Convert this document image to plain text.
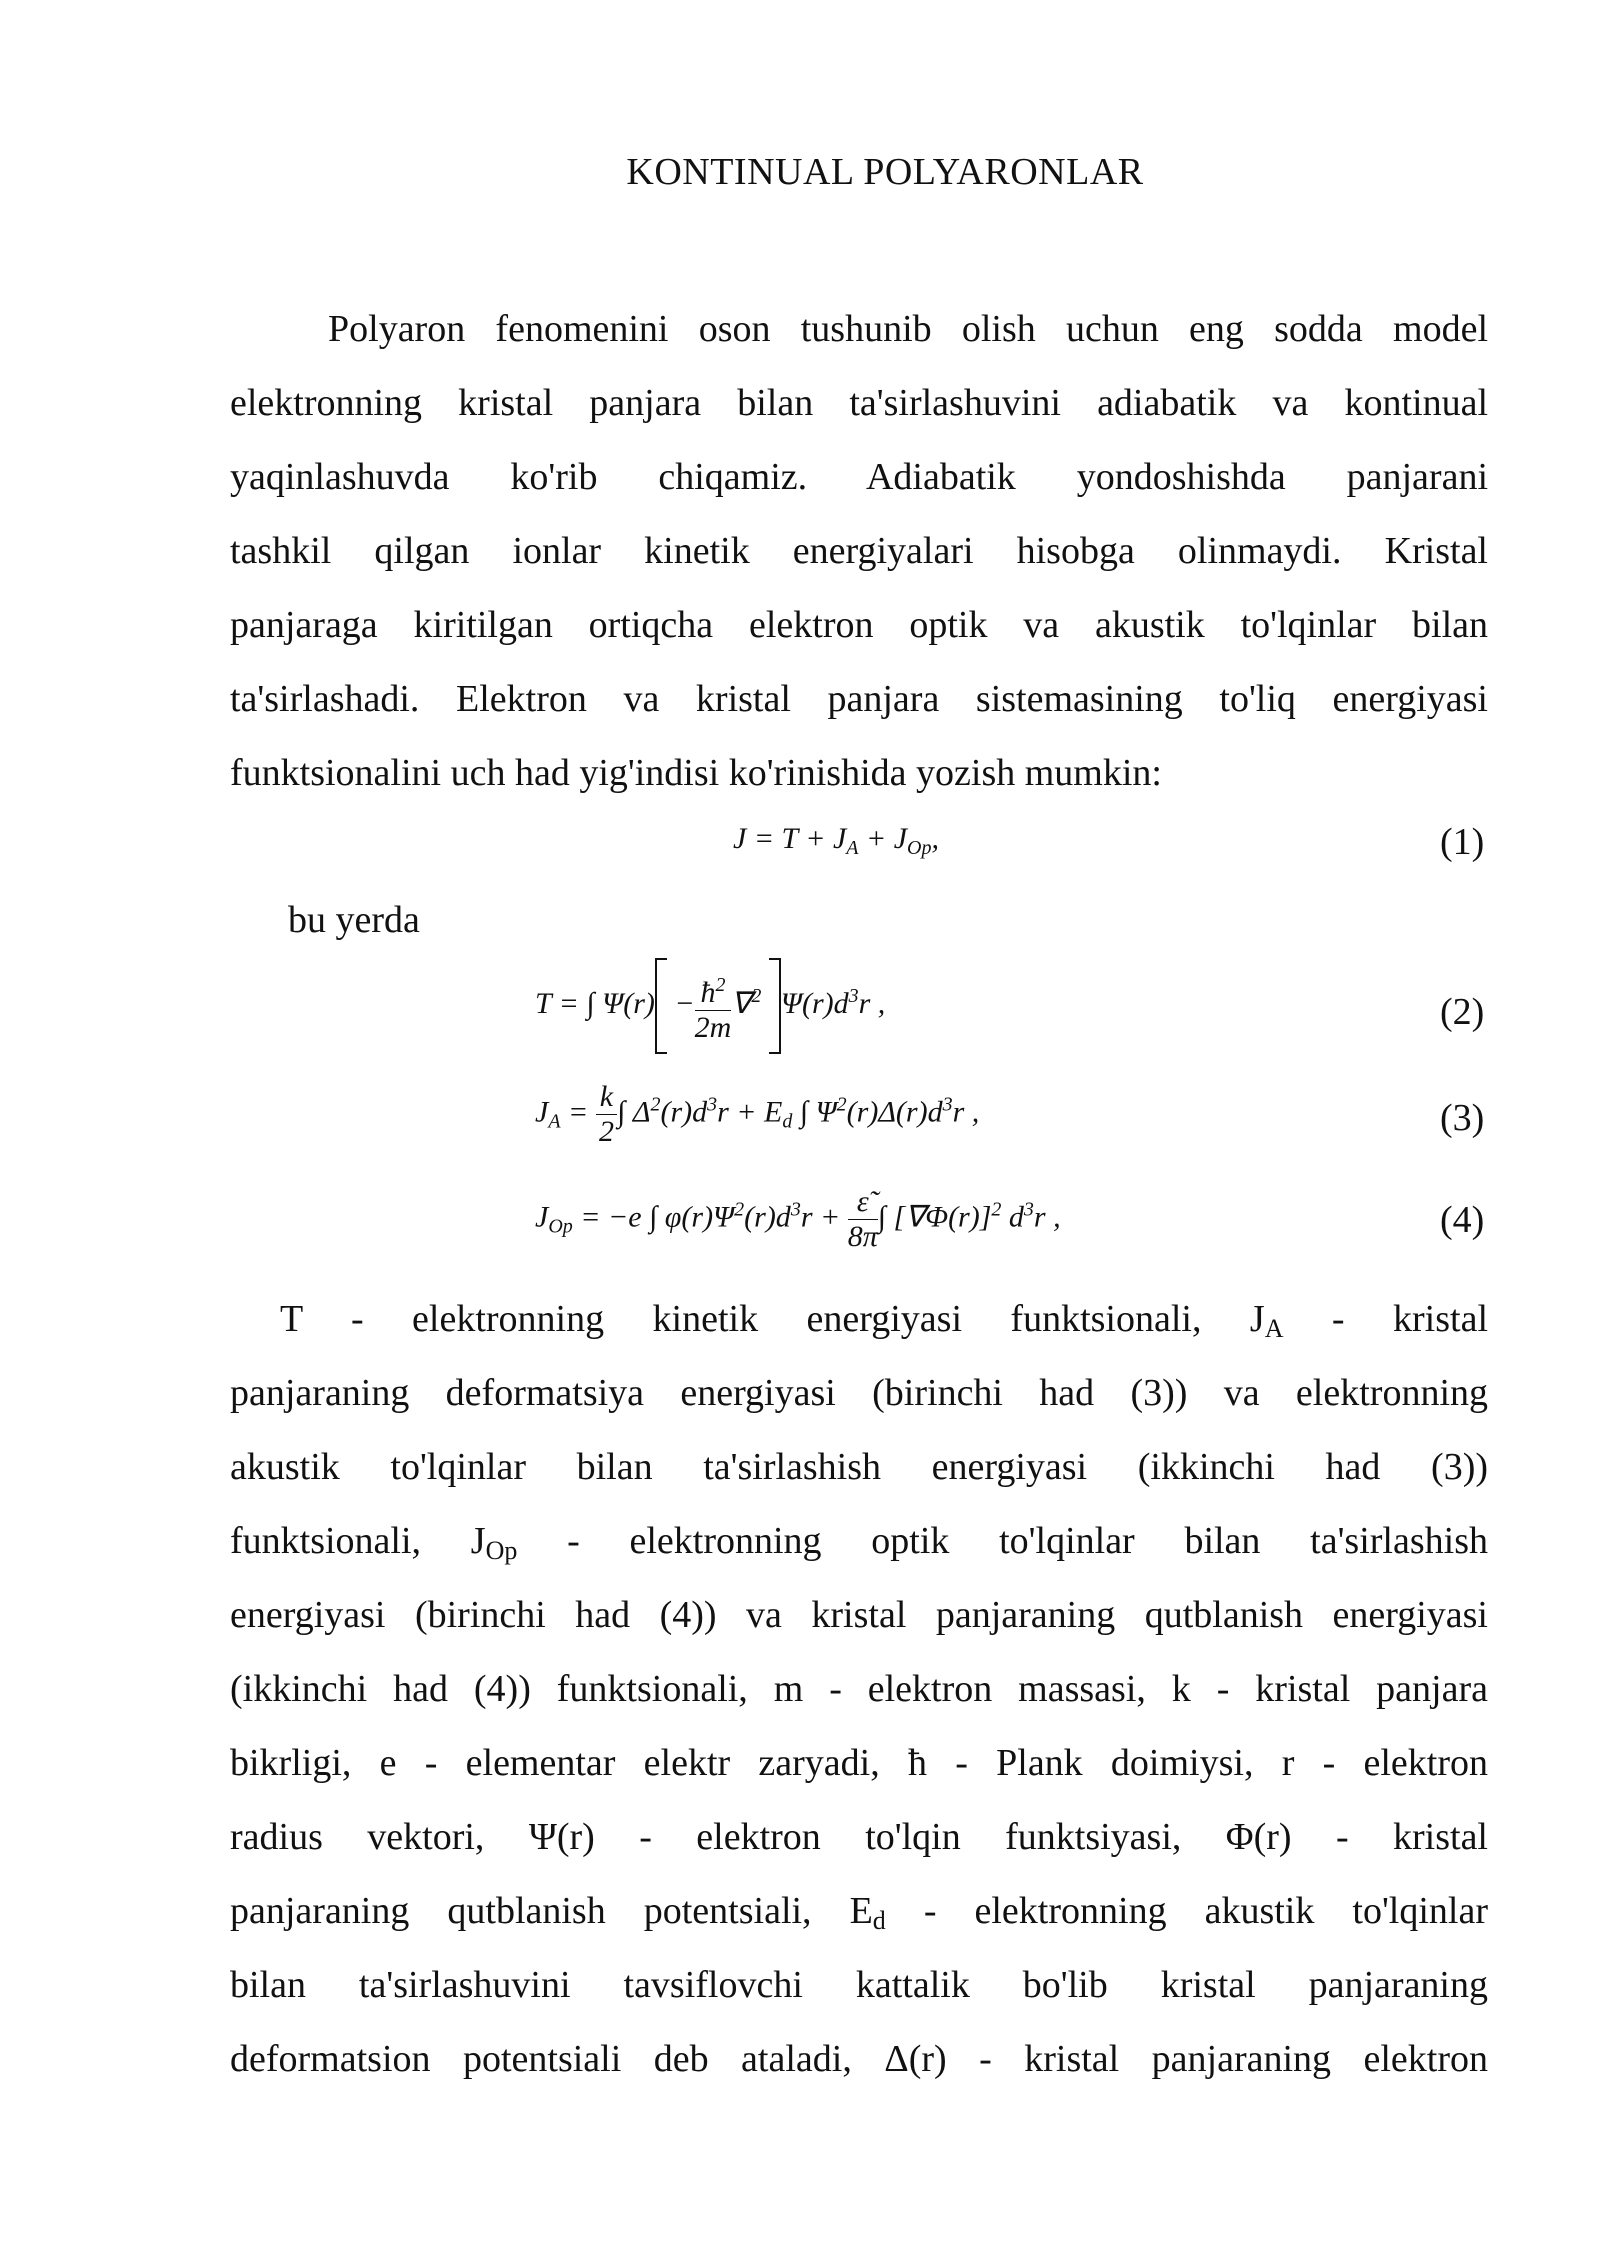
KONTINUAL POLYARONLAR
Polyaron fenomenini oson tushunib olish uchun eng sodda model
elektronning kristal panjara bilan ta'sirlashuvini adiabatik va kontinual
yaqinlashuvda ko'rib chiqamiz. Adiabatik yondoshishda panjarani
tashkil qilgan ionlar kinetik energiyalari hisobga olinmaydi. Kristal
panjaraga kiritilgan ortiqcha elektron optik va akustik to'lqinlar bilan
ta'sirlashadi. Elektron va kristal panjara sistemasining to'liq energiyasi
funktsionalini uch had yig'indisi ko'rinishida yozish mumkin:
$J = T + J_A + J_{Op}$,	(1)
bu yerda
T = ∫ $\Psi(r) - \frac{ħ^2}{2m} \nabla^2$ $\Psi(r)d^3r$ ,	(2)
$J_A = \frac{k}{2}$ ∫ $\Delta^2(r)d^3r + E_d$ ∫ $\Psi^2(r)\Delta(r)d^3r$ ,	(3)
$J_{Op} = -e$ ∫ $\varphi(r)\Psi^2(r)d^3r + \frac{\varepsiloñ}{8\pi}$ ∫ $[\nabla\Phi(r)]^2$ $d^3r$ ,	(4)
T - elektronning kinetik energiyasi funktsionali, $J_A$ - kristal
panjaraning deformatsiya energiyasi (birinchi had (3)) va elektronning
akustik to'lqinlar bilan ta'sirlashish energiyasi (ikkinchi had (3))
funktsionali, $J_{Op}$ - elektronning optik to'lqinlar bilan ta'sirlashish
energiyasi (birinchi had (4)) va kristal panjaraning qutblanish energiyasi
(ikkinchi had (4)) funktsionali, m - elektron massasi, k - kristal panjara
bikrligi, e - elementar elektr zaryadi, ħ - Plank doimiysi, r - elektron
radius vektori, Ψ(r) - elektron to'lqin funktsiyasi, Φ(r) - kristal
panjaraning qutblanish potentsiali, $E_d$ - elektronning akustik to'lqinlar
bilan ta'sirlashuvini tavsiflovchi kattalik bo'lib kristal panjaraning
deformatsion potentsiali deb ataladi, Δ(r) - kristal panjaraning elektron
